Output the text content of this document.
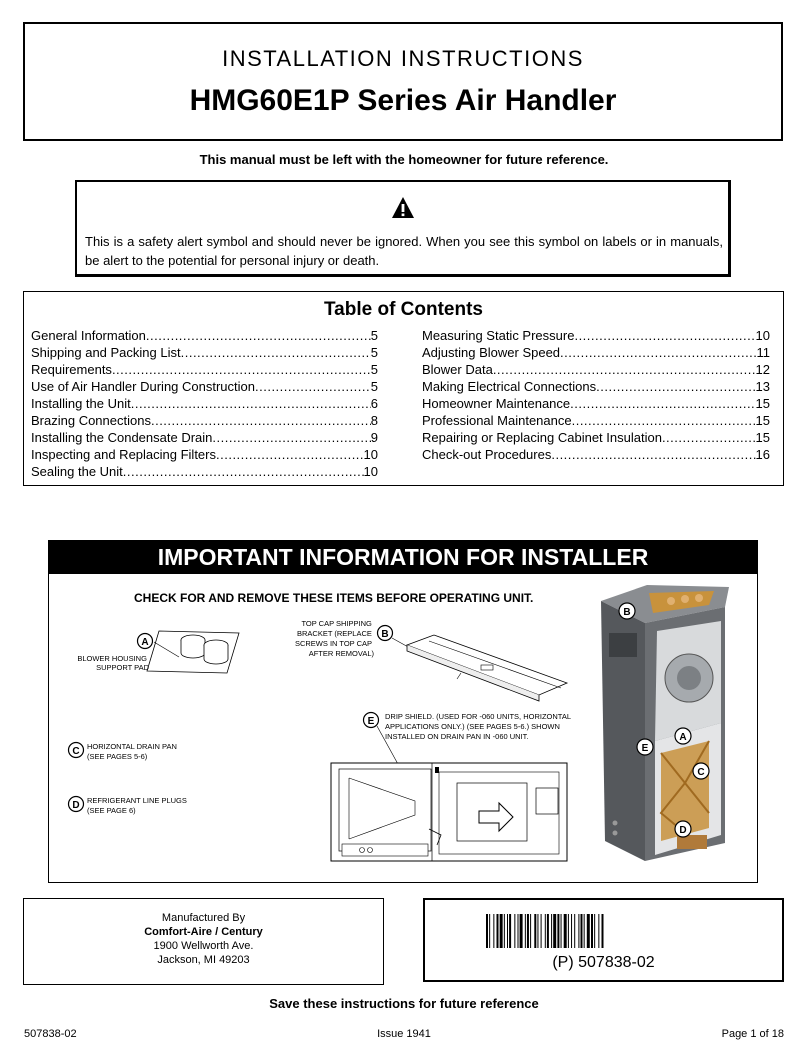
INSTALLATION INSTRUCTIONS
HMG60E1P Series Air Handler
This manual must be left with the homeowner for future reference.
This is a safety alert symbol and should never be ignored. When you see this symbol on labels or in manuals, be alert to the potential for personal injury or death.
Table of Contents
General Information .....	5
Shipping and Packing List .....	5
Requirements .....	5
Use of Air Handler During Construction .....	5
Installing the Unit .....	6
Brazing Connections .....	8
Installing the Condensate Drain .....	9
Inspecting and Replacing Filters .....	10
Sealing the Unit .....	10
Measuring Static Pressure .....	10
Adjusting Blower Speed .....	11
Blower Data .....	12
Making Electrical Connections .....	13
Homeowner Maintenance .....	15
Professional Maintenance .....	15
Repairing or Replacing Cabinet Insulation .....	15
Check-out Procedures .....	16
IMPORTANT INFORMATION FOR INSTALLER
CHECK FOR AND REMOVE THESE ITEMS BEFORE OPERATING UNIT.
A
BLOWER HOUSING SUPPORT PAD
TOP CAP SHIPPING BRACKET (REPLACE SCREWS IN TOP CAP AFTER REMOVAL)
B
E DRIP SHIELD. (USED FOR -060 UNITS, HORIZONTAL APPLICATIONS ONLY.) (SEE PAGES 5-6.) SHOWN INSTALLED ON DRAIN PAN IN -060 UNIT.
C HORIZONTAL DRAIN PAN (SEE PAGES 5-6)
D REFRIGERANT LINE PLUGS (SEE PAGE 6)
B
A
E
C
D
Manufactured By
Comfort-Aire / Century
1900 Wellworth Ave.
Jackson, MI 49203	(P) 507838-02
Save these instructions for future reference
507838-02	Issue 1941	Page 1 of 18
